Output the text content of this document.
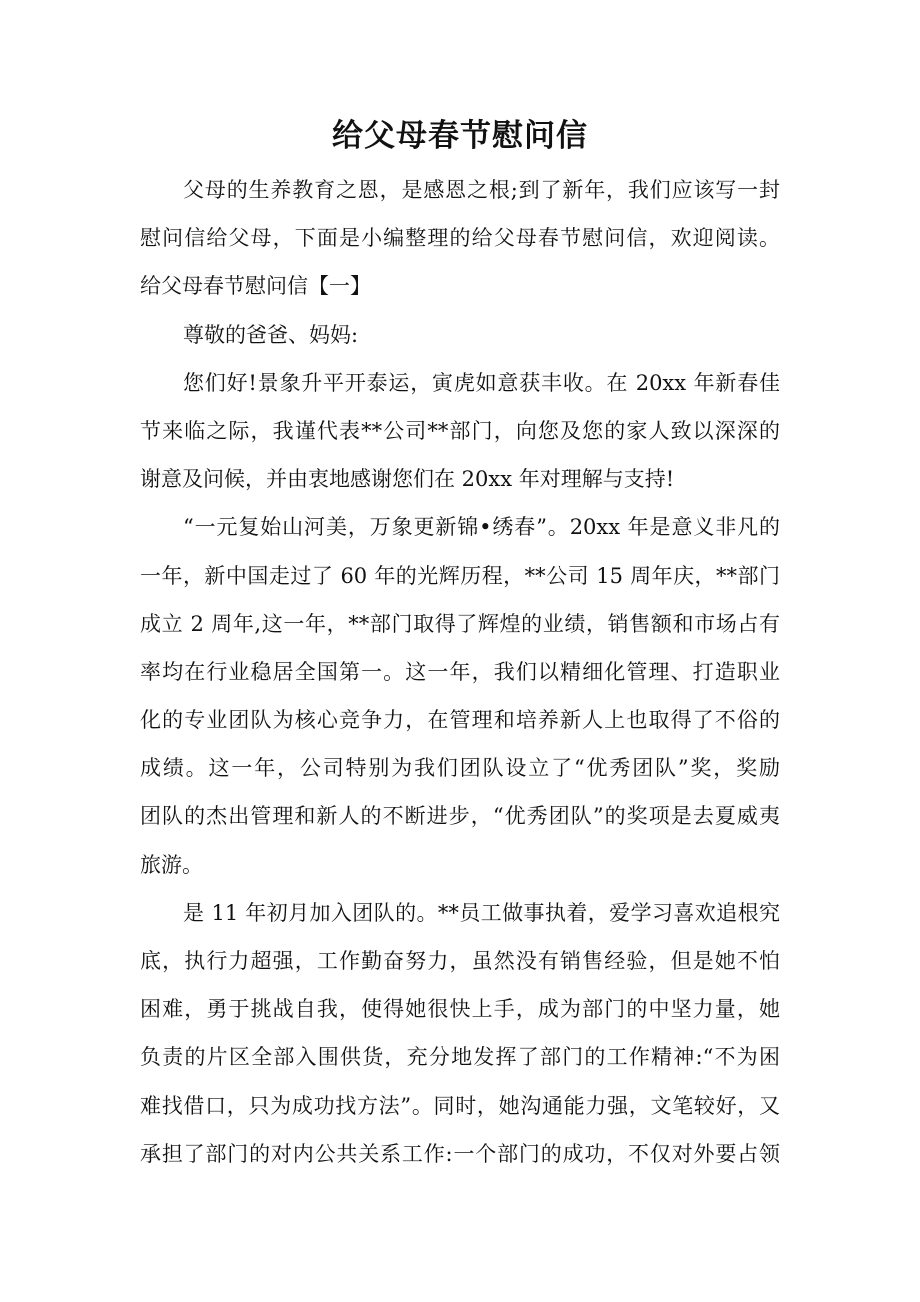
给父母春节慰问信
父母的生养教育之恩，是感恩之根;到了新年，我们应该写一封
慰问信给父母，下面是小编整理的给父母春节慰问信，欢迎阅读。
给父母春节慰问信【一】
尊敬的爸爸、妈妈:
您们好!景象升平开泰运，寅虎如意获丰收。在 20xx 年新春佳
节来临之际，我谨代表**公司**部门，向您及您的家人致以深深的
谢意及问候，并由衷地感谢您们在 20xx 年对理解与支持!
“一元复始山河美，万象更新锦•绣春”。20xx 年是意义非凡的
一年，新中国走过了 60 年的光辉历程，**公司 15 周年庆，**部门
成立 2 周年,这一年，**部门取得了辉煌的业绩，销售额和市场占有
率均在行业稳居全国第一。这一年，我们以精细化管理、打造职业
化的专业团队为核心竞争力，在管理和培养新人上也取得了不俗的
成绩。这一年，公司特别为我们团队设立了“优秀团队”奖，奖励
团队的杰出管理和新人的不断进步，“优秀团队”的奖项是去夏威夷
旅游。
是 11 年初月加入团队的。**员工做事执着，爱学习喜欢追根究
底，执行力超强，工作勤奋努力，虽然没有销售经验，但是她不怕
困难，勇于挑战自我，使得她很快上手，成为部门的中坚力量，她
负责的片区全部入围供货，充分地发挥了部门的工作精神:“不为困
难找借口，只为成功找方法”。同时，她沟通能力强，文笔较好，又
承担了部门的对内公共关系工作:一个部门的成功，不仅对外要占领
